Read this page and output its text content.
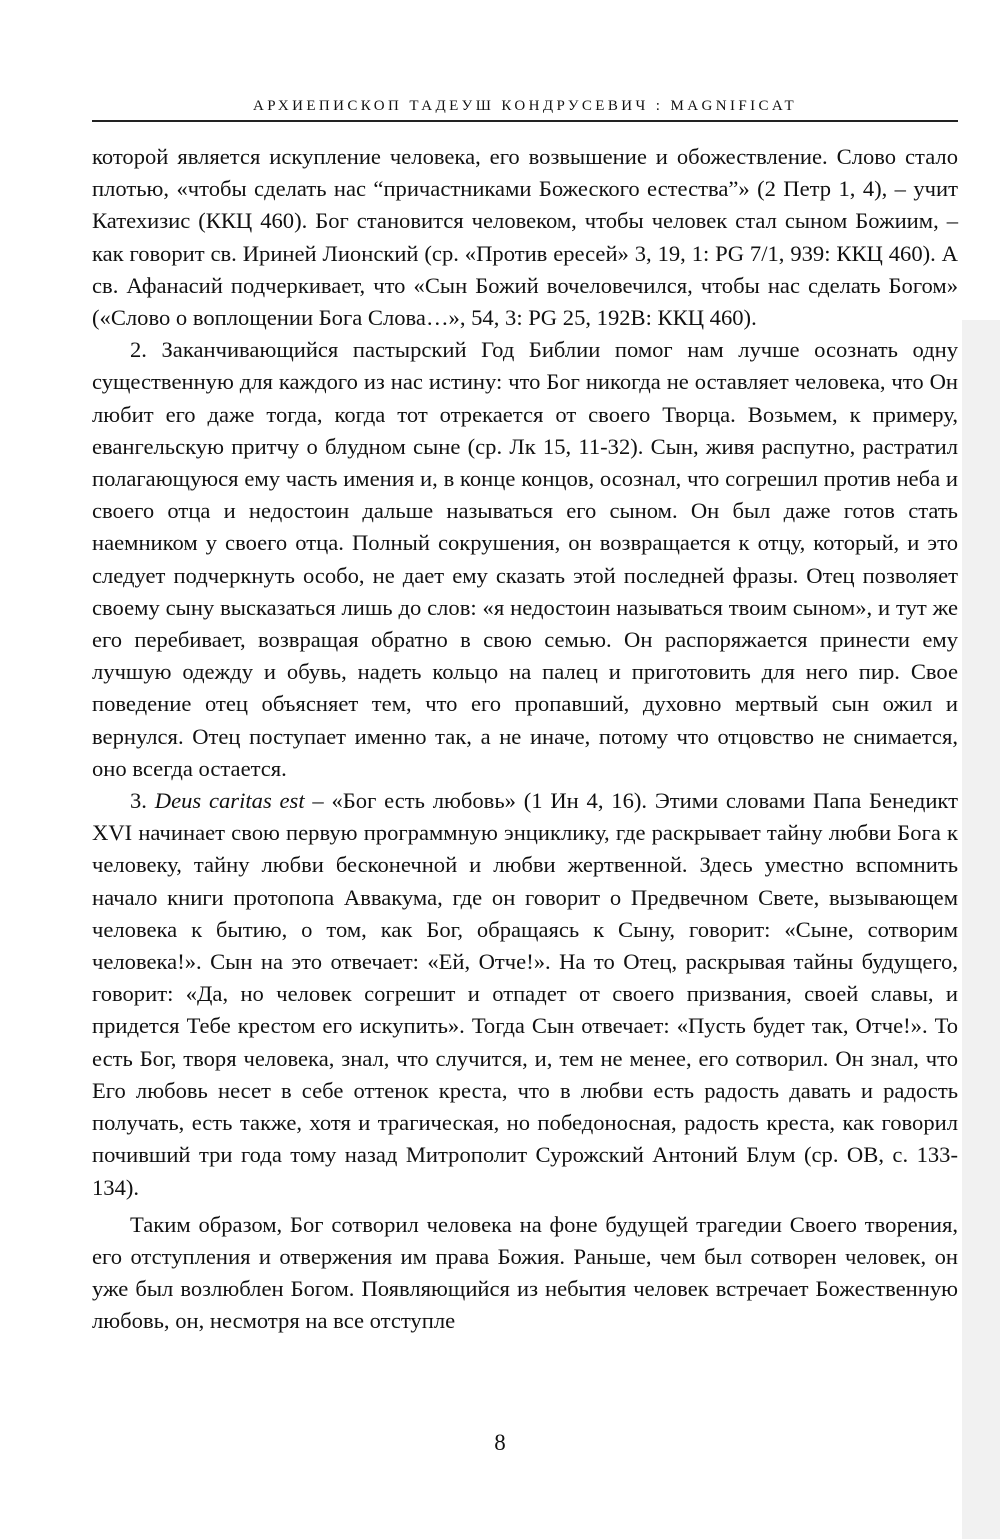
АРХИЕПИСКОП ТАДЕУШ КОНДРУСЕВИЧ : MAGNIFICAT

которой является искупление человека, его возвышение и обожествление. Слово стало плотью, «чтобы сделать нас “причастниками Божеского естества”» (2 Петр 1, 4), – учит Катехизис (ККЦ 460). Бог становится человеком, чтобы человек стал сыном Божиим, – как говорит св. Ириней Лионский (ср. «Против ересей» 3, 19, 1: PG 7/1, 939: ККЦ 460). А св. Афанасий подчеркивает, что «Сын Божий вочеловечился, чтобы нас сделать Богом» («Слово о воплощении Бога Слова…», 54, 3: PG 25, 192B: ККЦ 460).

2. Заканчивающийся пастырский Год Библии помог нам лучше осознать одну существенную для каждого из нас истину: что Бог никогда не оставляет человека, что Он любит его даже тогда, когда тот отрекается от своего Творца. Возьмем, к примеру, евангельскую притчу о блудном сыне (ср. Лк 15, 11-32). Сын, живя распутно, растратил полагающуюся ему часть имения и, в конце концов, осознал, что согрешил против неба и своего отца и недостоин дальше называться его сыном. Он был даже готов стать наемником у своего отца. Полный сокрушения, он возвращается к отцу, который, и это следует подчеркнуть особо, не дает ему сказать этой последней фразы. Отец позволяет своему сыну высказаться лишь до слов: «я недостоин называться твоим сыном», и тут же его перебивает, возвращая обратно в свою семью. Он распоряжается принести ему лучшую одежду и обувь, надеть кольцо на палец и приготовить для него пир. Свое поведение отец объясняет тем, что его пропавший, духовно мертвый сын ожил и вернулся. Отец поступает именно так, а не иначе, потому что отцовство не снимается, оно всегда остается.

3. Deus caritas est – «Бог есть любовь» (1 Ин 4, 16). Этими словами Папа Бенедикт XVI начинает свою первую программную энциклику, где раскрывает тайну любви Бога к человеку, тайну любви бесконечной и любви жертвенной. Здесь уместно вспомнить начало книги протопопа Аввакума, где он говорит о Предвечном Свете, вызывающем человека к бытию, о том, как Бог, обращаясь к Сыну, говорит: «Сыне, сотворим человека!». Сын на это отвечает: «Ей, Отче!». На то Отец, раскрывая тайны будущего, говорит: «Да, но человек согрешит и отпадет от своего призвания, своей славы, и придется Тебе крестом его искупить». Тогда Сын отвечает: «Пусть будет так, Отче!». То есть Бог, творя человека, знал, что случится, и, тем не менее, его сотворил. Он знал, что Его любовь несет в себе оттенок креста, что в любви есть радость давать и радость получать, есть также, хотя и трагическая, но победоносная, радость креста, как говорил почивший три года тому назад Митрополит Сурожский Антоний Блум (ср. ОВ, с. 133-134).

Таким образом, Бог сотворил человека на фоне будущей трагедии Своего творения, его отступления и отвержения им права Божия. Раньше, чем был сотворен человек, он уже был возлюблен Богом. Появляющийся из небытия человек встречает Божественную любовь, он, несмотря на все отступле

8
